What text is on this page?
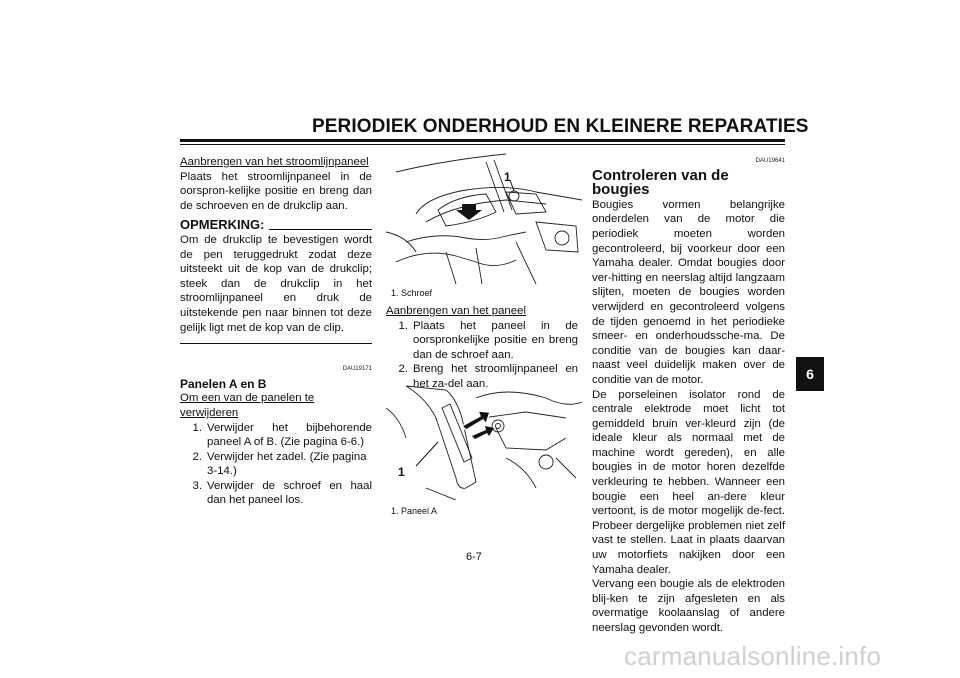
PERIODIEK ONDERHOUD EN KLEINERE REPARATIES

Aanbrengen van het stroomlijnpaneel

Plaats het stroomlijnpaneel in de oorspron-kelijke positie en breng dan de schroeven en de drukclip aan.

OPMERKING:

Om de drukclip te bevestigen wordt de pen teruggedrukt zodat deze uitsteekt uit de kop van de drukclip; steek dan de drukclip in het stroomlijnpaneel en druk de uitstekende pen naar binnen tot deze gelijk ligt met de kop van de clip.

DAU19171

Panelen A en B

Om een van de panelen te verwijderen

1. Verwijder het bijbehorende paneel A of B. (Zie pagina 6-6.)
2. Verwijder het zadel. (Zie pagina 3-14.)
3. Verwijder de schroef en haal dan het paneel los.
1
1. Schroef

Aanbrengen van het paneel

1. Plaats het paneel in de oorspronkelijke positie en breng dan de schroef aan.
2. Breng het stroomlijnpaneel en het za-del aan.
1
1. Paneel A
DAU19641

Controleren van de bougies

Bougies vormen belangrijke onderdelen van de motor die periodiek moeten worden gecontroleerd, bij voorkeur door een Yamaha dealer. Omdat bougies door ver-hitting en neerslag altijd langzaam slijten, moeten de bougies worden verwijderd en gecontroleerd volgens de tijden genoemd in het periodieke smeer- en onderhoudssche-ma. De conditie van de bougies kan daar-naast veel duidelijk maken over de conditie van de motor.

De porseleinen isolator rond de centrale elektrode moet licht tot gemiddeld bruin ver-kleurd zijn (de ideale kleur als normaal met de machine wordt gereden), en alle bougies in de motor horen dezelfde verkleuring te hebben. Wanneer een bougie een heel an-dere kleur vertoont, is de motor mogelijk de-fect. Probeer dergelijke problemen niet zelf vast te stellen. Laat in plaats daarvan uw motorfiets nakijken door een Yamaha dealer.

Vervang een bougie als de elektroden blij-ken te zijn afgesleten en als overmatige koolaanslag of andere neerslag gevonden wordt.

6
6-7
carmanualsonline.info
